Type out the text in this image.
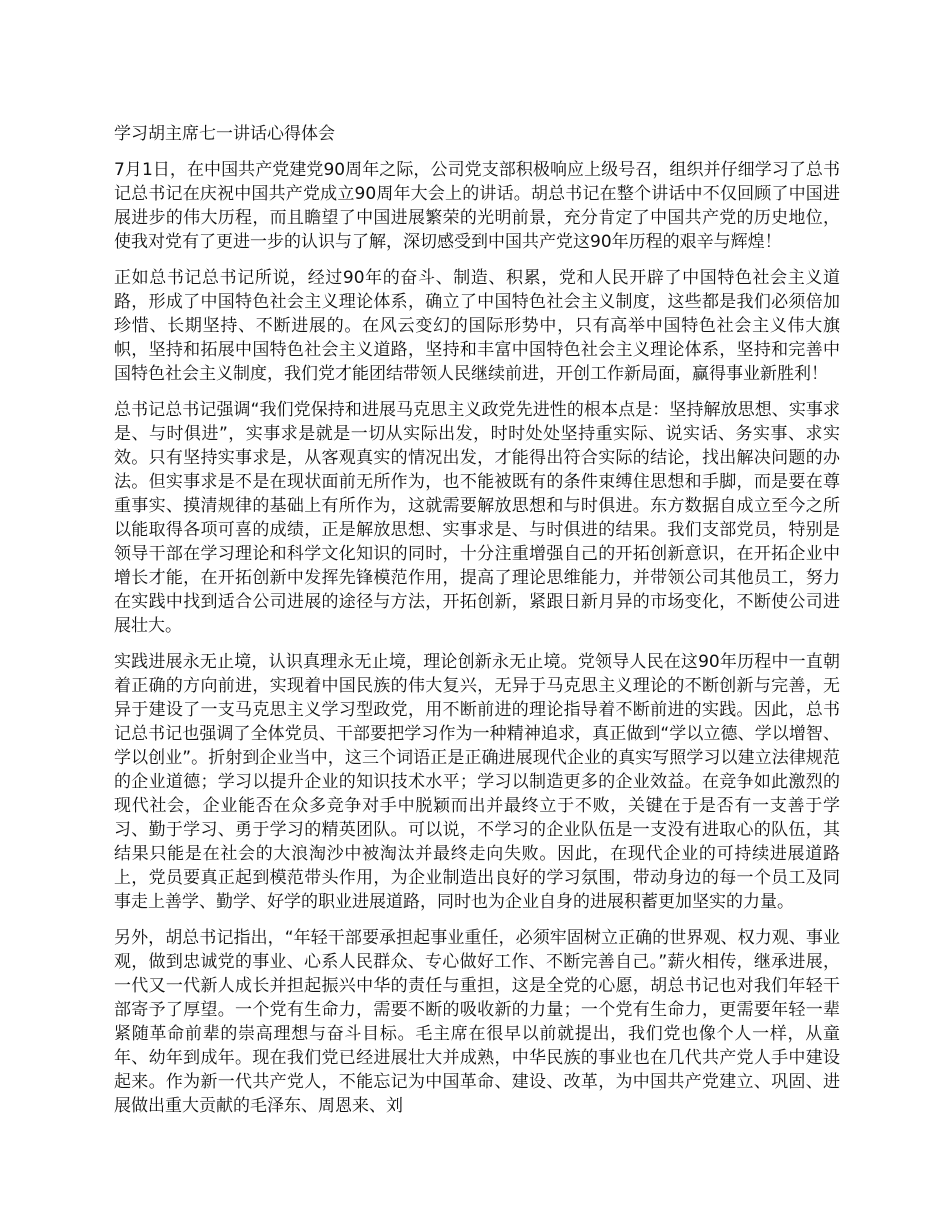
学习胡主席七一讲话心得体会

7月1日，在中国共产党建党90周年之际，公司党支部积极响应上级号召，组织并仔细学习了总书记总书记在庆祝中国共产党成立90周年大会上的讲话。胡总书记在整个讲话中不仅回顾了中国进展进步的伟大历程，而且瞻望了中国进展繁荣的光明前景，充分肯定了中国共产党的历史地位，使我对党有了更进一步的认识与了解，深切感受到中国共产党这90年历程的艰辛与辉煌！

正如总书记总书记所说，经过90年的奋斗、制造、积累，党和人民开辟了中国特色社会主义道路，形成了中国特色社会主义理论体系，确立了中国特色社会主义制度，这些都是我们必须倍加珍惜、长期坚持、不断进展的。在风云变幻的国际形势中，只有高举中国特色社会主义伟大旗帜，坚持和拓展中国特色社会主义道路，坚持和丰富中国特色社会主义理论体系，坚持和完善中国特色社会主义制度，我们党才能团结带领人民继续前进，开创工作新局面，赢得事业新胜利！

总书记总书记强调“我们党保持和进展马克思主义政党先进性的根本点是：坚持解放思想、实事求是、与时俱进”，实事求是就是一切从实际出发，时时处处坚持重实际、说实话、务实事、求实效。只有坚持实事求是，从客观真实的情况出发，才能得出符合实际的结论，找出解决问题的办法。但实事求是不是在现状面前无所作为，也不能被既有的条件束缚住思想和手脚，而是要在尊重事实、摸清规律的基础上有所作为，这就需要解放思想和与时俱进。东方数据自成立至今之所以能取得各项可喜的成绩，正是解放思想、实事求是、与时俱进的结果。我们支部党员，特别是领导干部在学习理论和科学文化知识的同时，十分注重增强自己的开拓创新意识，在开拓企业中增长才能，在开拓创新中发挥先锋模范作用，提高了理论思维能力，并带领公司其他员工，努力在实践中找到适合公司进展的途径与方法，开拓创新，紧跟日新月异的市场变化，不断使公司进展壮大。

实践进展永无止境，认识真理永无止境，理论创新永无止境。党领导人民在这90年历程中一直朝着正确的方向前进，实现着中国民族的伟大复兴，无异于马克思主义理论的不断创新与完善，无异于建设了一支马克思主义学习型政党，用不断前进的理论指导着不断前进的实践。因此，总书记总书记也强调了全体党员、干部要把学习作为一种精神追求，真正做到“学以立德、学以增智、学以创业”。折射到企业当中，这三个词语正是正确进展现代企业的真实写照学习以建立法律规范的企业道德；学习以提升企业的知识技术水平；学习以制造更多的企业效益。在竞争如此激烈的现代社会，企业能否在众多竞争对手中脱颖而出并最终立于不败，关键在于是否有一支善于学习、勤于学习、勇于学习的精英团队。可以说，不学习的企业队伍是一支没有进取心的队伍，其结果只能是在社会的大浪淘沙中被淘汰并最终走向失败。因此，在现代企业的可持续进展道路上，党员要真正起到模范带头作用，为企业制造出良好的学习氛围，带动身边的每一个员工及同事走上善学、勤学、好学的职业进展道路，同时也为企业自身的进展积蓄更加坚实的力量。

另外，胡总书记指出，“年轻干部要承担起事业重任，必须牢固树立正确的世界观、权力观、事业观，做到忠诚党的事业、心系人民群众、专心做好工作、不断完善自己。”薪火相传，继承进展，一代又一代新人成长并担起振兴中华的责任与重担，这是全党的心愿，胡总书记也对我们年轻干部寄予了厚望。一个党有生命力，需要不断的吸收新的力量；一个党有生命力，更需要年轻一辈紧随革命前辈的崇高理想与奋斗目标。毛主席在很早以前就提出，我们党也像个人一样，从童年、幼年到成年。现在我们党已经进展壮大并成熟，中华民族的事业也在几代共产党人手中建设起来。作为新一代共产党人，不能忘记为中国革命、建设、改革，为中国共产党建立、巩固、进展做出重大贡献的毛泽东、周恩来、刘
